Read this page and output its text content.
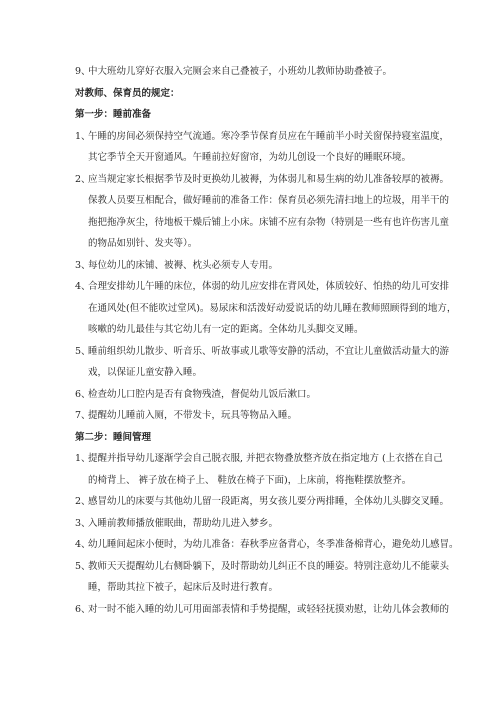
9、
中大班幼儿穿好衣服入完厕会来自己叠被子，小班幼儿教师协助叠被子。
对教师、保育员的规定：
第一步：睡前准备
1、
午睡的房间必须保持空气流通。寒冷季节保育员应在午睡前半小时关窗保持寝室温度，
其它季节全天开窗通风。午睡前拉好窗帘，为幼儿创设一个良好的睡眠环境。
2、
应当规定家长根据季节及时更换幼儿被褥，为体弱儿和易生病的幼儿准备较厚的被褥。
保教人员要互相配合，做好睡前的准备工作：保育员必须先清扫地上的垃圾，用半干的
拖把拖净灰尘，待地板干燥后铺上小床。床铺不应有杂物（特别是一些有也许伤害儿童
的物品如别针、发夹等）。
3、
每位幼儿的床铺、被褥、枕头必须专人专用。
4、
合理安排幼儿午睡的床位，体弱的幼儿应安排在背风处，体质较好、怕热的幼儿可安排
在通风处(但不能吹过堂风)。易尿床和活泼好动爱说话的幼儿睡在教师照顾得到的地方，
咳嗽的幼儿最佳与其它幼儿有一定的距离。全体幼儿头脚交叉睡。
5、
睡前组织幼儿散步、听音乐、听故事或儿歌等安静的活动，不宜让儿童做活动量大的游
戏，以保证儿童安静入睡。
6、
检查幼儿口腔内是否有食物残渣，督促幼儿饭后漱口。
7、
提醒幼儿睡前入厕，不带发卡，玩具等物品入睡。
第二步：睡间管理
1、
提醒并指导幼儿逐渐学会自己脱衣服, 并把衣物叠放整齐放在指定地方 (上衣搭在自己
的椅背上、 裤子放在椅子上、 鞋放在椅子下面)，上床前，将拖鞋摆放整齐。
2、
感冒幼儿的床要与其他幼儿留一段距离，男女孩儿要分两排睡，全体幼儿头脚交叉睡。
3、
入睡前教师播放催眠曲，帮助幼儿进入梦乡。
4、
幼儿睡间起床小便时，为幼儿准备：春秋季应备背心，冬季准备棉背心，避免幼儿感冒。
5、
教师天天提醒幼儿右侧卧躺下，及时帮助幼儿纠正不良的睡姿。特别注意幼儿不能蒙头
睡，帮助其拉下被子，起床后及时进行教育。
6、
对一时不能入睡的幼儿可用面部表情和手势提醒，或轻轻抚摸劝慰，让幼儿体会教师的
